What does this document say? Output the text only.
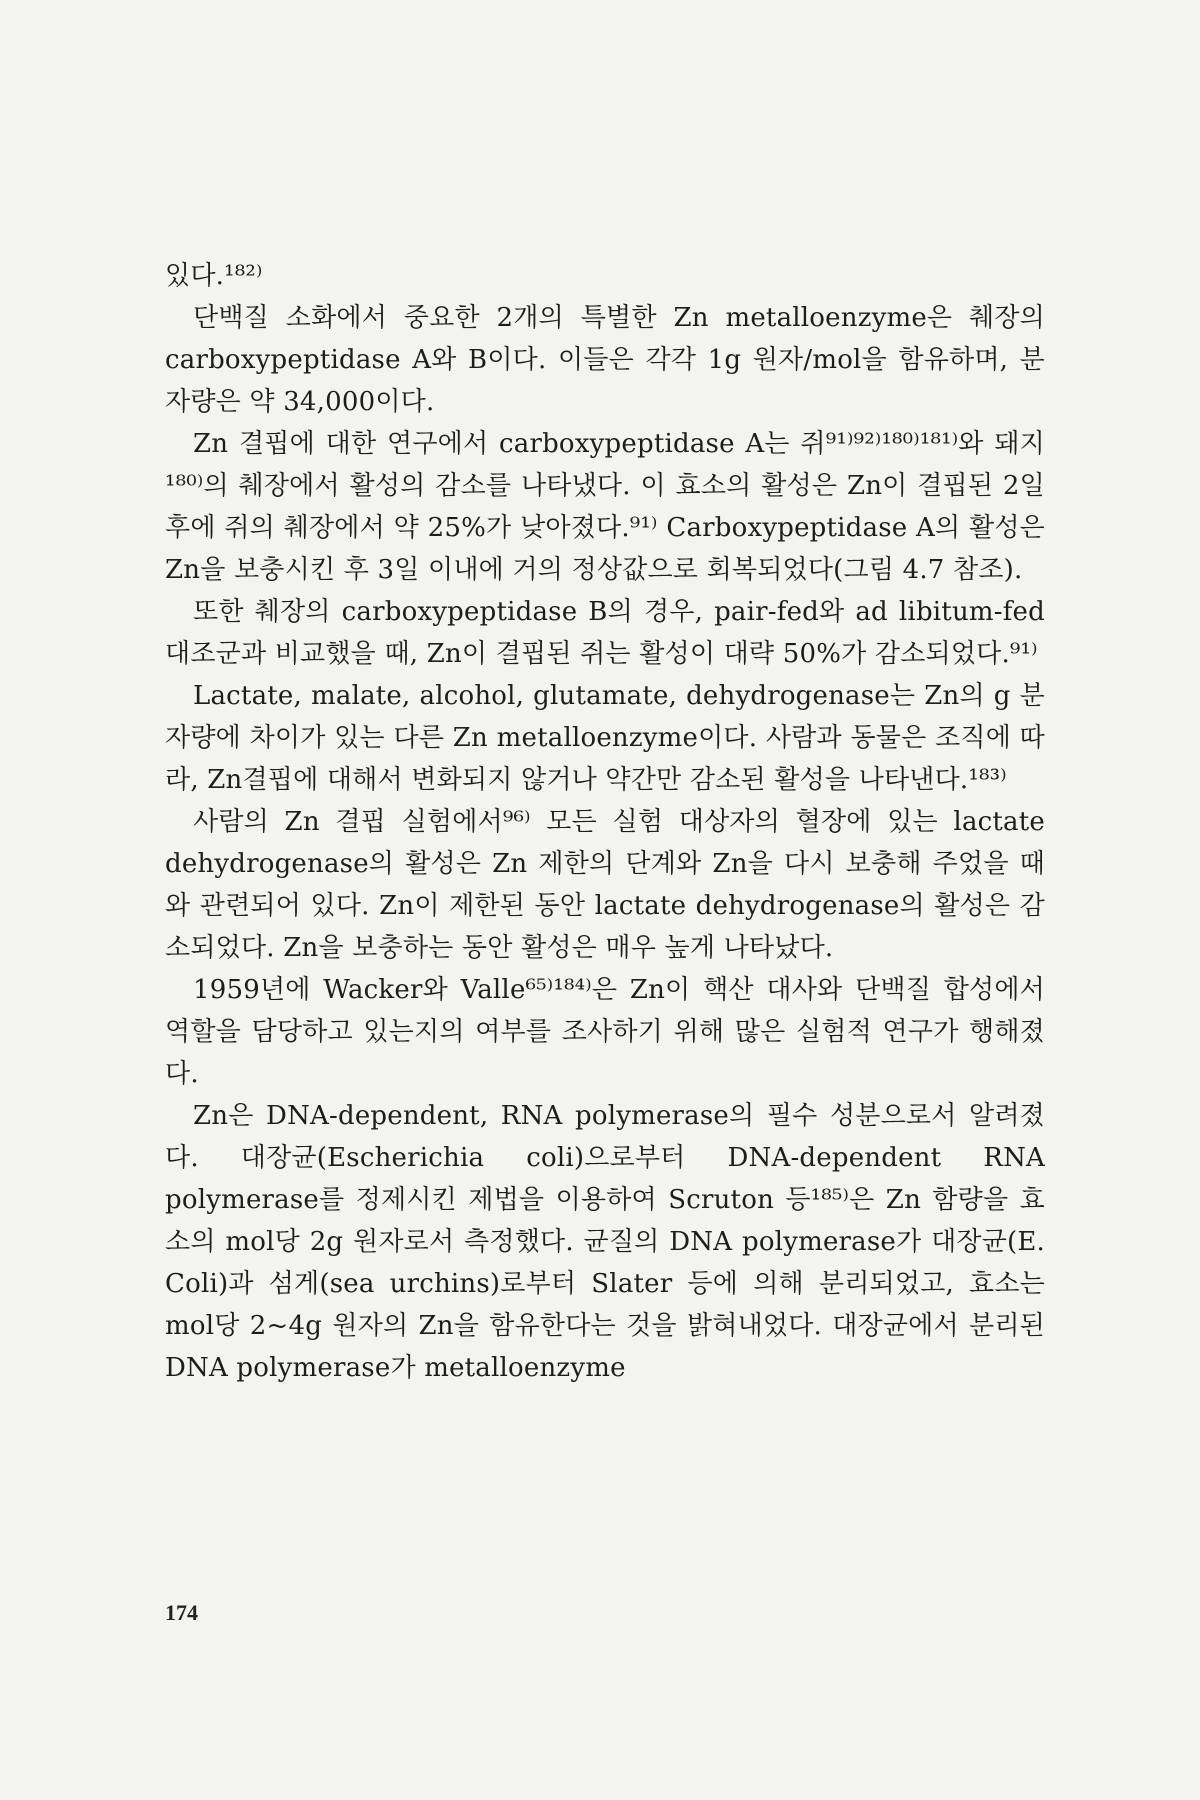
있다.¹⁸²⁾

단백질 소화에서 중요한 2개의 특별한 Zn metalloenzyme은 췌장의 carboxypeptidase A와 B이다. 이들은 각각 1g 원자/mol을 함유하며, 분자량은 약 34,000이다.

Zn 결핍에 대한 연구에서 carboxypeptidase A는 쥐⁹¹⁾⁹²⁾¹⁸⁰⁾¹⁸¹⁾와 돼지¹⁸⁰⁾의 췌장에서 활성의 감소를 나타냈다. 이 효소의 활성은 Zn이 결핍된 2일 후에 쥐의 췌장에서 약 25%가 낮아졌다.⁹¹⁾ Carboxypeptidase A의 활성은 Zn을 보충시킨 후 3일 이내에 거의 정상값으로 회복되었다(그림 4.7 참조).

또한 췌장의 carboxypeptidase B의 경우, pair-fed와 ad libitum-fed 대조군과 비교했을 때, Zn이 결핍된 쥐는 활성이 대략 50%가 감소되었다.⁹¹⁾

Lactate, malate, alcohol, glutamate, dehydrogenase는 Zn의 g 분자량에 차이가 있는 다른 Zn metalloenzyme이다. 사람과 동물은 조직에 따라, Zn결핍에 대해서 변화되지 않거나 약간만 감소된 활성을 나타낸다.¹⁸³⁾

사람의 Zn 결핍 실험에서⁹⁶⁾ 모든 실험 대상자의 혈장에 있는 lactate dehydrogenase의 활성은 Zn 제한의 단계와 Zn을 다시 보충해 주었을 때와 관련되어 있다. Zn이 제한된 동안 lactate dehydrogenase의 활성은 감소되었다. Zn을 보충하는 동안 활성은 매우 높게 나타났다.

1959년에 Wacker와 Valle⁶⁵⁾¹⁸⁴⁾은 Zn이 핵산 대사와 단백질 합성에서 역할을 담당하고 있는지의 여부를 조사하기 위해 많은 실험적 연구가 행해졌다.

Zn은 DNA-dependent, RNA polymerase의 필수 성분으로서 알려졌다. 대장균(Escherichia coli)으로부터 DNA-dependent RNA polymerase를 정제시킨 제법을 이용하여 Scruton 등¹⁸⁵⁾은 Zn 함량을 효소의 mol당 2g 원자로서 측정했다. 균질의 DNA polymerase가 대장균(E. Coli)과 섬게(sea urchins)로부터 Slater 등에 의해 분리되었고, 효소는 mol당 2~4g 원자의 Zn을 함유한다는 것을 밝혀내었다. 대장균에서 분리된 DNA polymerase가 metalloenzyme

174
